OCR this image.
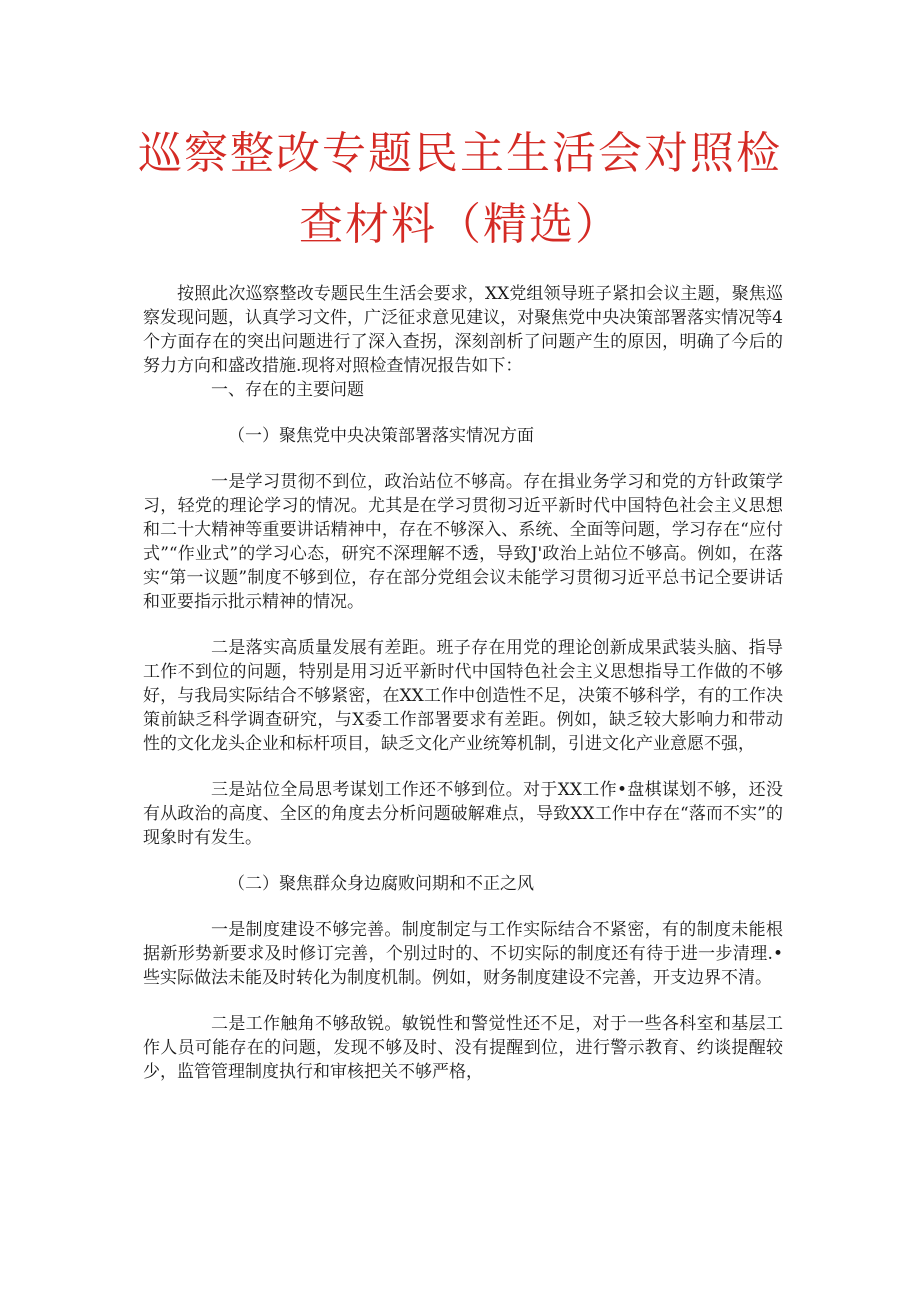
巡察整改专题民主生活会对照检
查材料（精选）

按照此次巡察整改专题民生生活会要求，XX党组领导班子紧扣会议主题，聚焦巡察发现问题，认真学习文件，广泛征求意见建议，对聚焦党中央决策部署落实情况等4个方面存在的突出问题进行了深入查拐，深刻剖析了问题产生的原因，明确了今后的努力方向和盛改措施.现将对照检查情况报告如下：

一、存在的主要问题

（一）聚焦党中央决策部署落实情况方面

一是学习贯彻不到位，政治站位不够高。存在揖业务学习和党的方针政策学习，轻党的理论学习的情况。尤其是在学习贯彻习近平新时代中国特色社会主义思想和二十大精神等重要讲话精神中，存在不够深入、系统、全面等问题，学习存在“应付式”“作业式”的学习心态，研究不深理解不透，导致J'政治上站位不够高。例如，在落实“第一议题”制度不够到位，存在部分党组会议未能学习贯彻习近平总书记仝要讲话和亚要指示批示精神的情况。

二是落实高质量发展有差距。班子存在用党的理论创新成果武装头脑、指导工作不到位的问题，特别是用习近平新时代中国特色社会主义思想指导工作做的不够好，与我局实际结合不够紧密，在XX工作中创造性不足，决策不够科学，有的工作决策前缺乏科学调查研究，与X委工作部署要求有差距。例如，缺乏较大影响力和带动性的文化龙头企业和标杆项目，缺乏文化产业统筹机制，引进文化产业意愿不强，

三是站位全局思考谋划工作还不够到位。对于XX工作•盘棋谋划不够，还没有从政治的高度、全区的角度去分析问题破解难点，导致XX工作中存在“落而不实”的现象时有发生。

（二）聚焦群众身边腐败问期和不正之风

一是制度建设不够完善。制度制定与工作实际结合不紧密，有的制度未能根据新形势新要求及时修订完善，个别过时的、不切实际的制度还有待于进一步清理.•些实际做法未能及时转化为制度机制。例如，财务制度建设不完善，开支边界不清。

二是工作触角不够敌锐。敏锐性和警觉性还不足，对于一些各科室和基层工作人员可能存在的问题，发现不够及时、没有提醒到位，进行警示教育、约谈提醒较少，监管管理制度执行和审核把关不够严格，
